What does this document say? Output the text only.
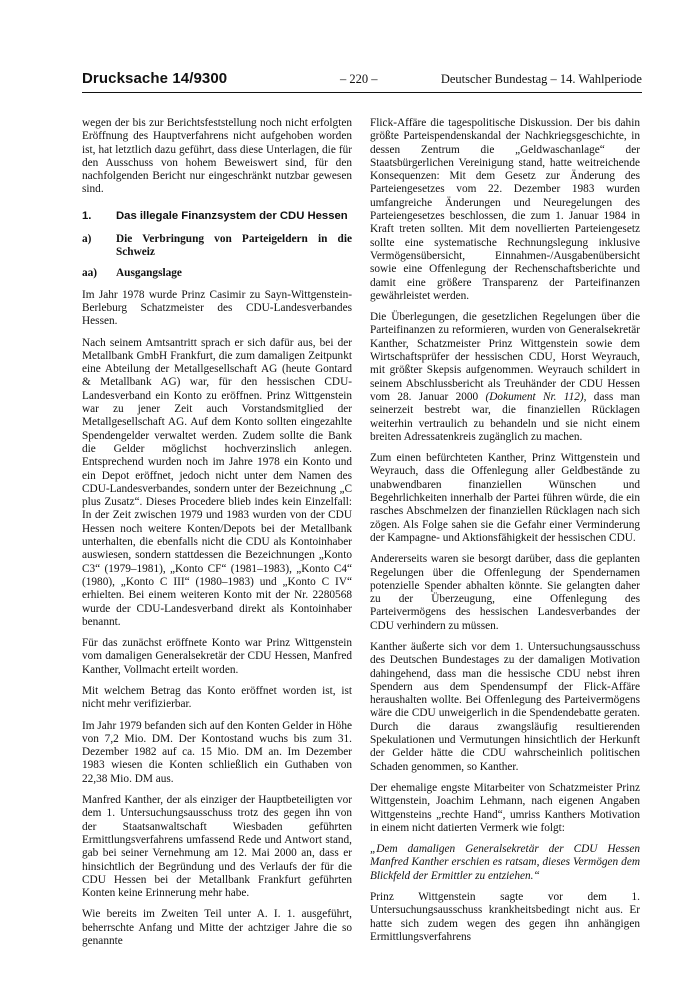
Drucksache 14/9300	– 220 –	Deutscher Bundestag – 14. Wahlperiode

wegen der bis zur Berichtsfeststellung noch nicht erfolgten Eröffnung des Hauptverfahrens nicht aufgehoben worden ist, hat letztlich dazu geführt, dass diese Unterlagen, die für den Ausschuss von hohem Beweiswert sind, für den nachfolgenden Bericht nur eingeschränkt nutzbar gewesen sind.

1.	Das illegale Finanzsystem der CDU Hessen
a)	Die Verbringung von Parteigeldern in die Schweiz
aa)	Ausgangslage

Im Jahr 1978 wurde Prinz Casimir zu Sayn-Wittgenstein-Berleburg Schatzmeister des CDU-Landesverbandes Hessen.

Nach seinem Amtsantritt sprach er sich dafür aus, bei der Metallbank GmbH Frankfurt, die zum damaligen Zeitpunkt eine Abteilung der Metallgesellschaft AG (heute Gontard & Metallbank AG) war, für den hessischen CDU-Landesverband ein Konto zu eröffnen. Prinz Wittgenstein war zu jener Zeit auch Vorstandsmitglied der Metallgesellschaft AG. Auf dem Konto sollten eingezahlte Spendengelder verwaltet werden. Zudem sollte die Bank die Gelder möglichst hochverzinslich anlegen. Entsprechend wurden noch im Jahre 1978 ein Konto und ein Depot eröffnet, jedoch nicht unter dem Namen des CDU-Landesverbandes, sondern unter der Bezeichnung „C plus Zusatz“. Dieses Procedere blieb indes kein Einzelfall: In der Zeit zwischen 1979 und 1983 wurden von der CDU Hessen noch weitere Konten/Depots bei der Metallbank unterhalten, die ebenfalls nicht die CDU als Kontoinhaber auswiesen, sondern stattdessen die Bezeichnungen „Konto C3“ (1979–1981), „Konto CF“ (1981–1983), „Konto C4“ (1980), „Konto C III“ (1980–1983) und „Konto C IV“ erhielten. Bei einem weiteren Konto mit der Nr. 2280568 wurde der CDU-Landesverband direkt als Kontoinhaber benannt.

Für das zunächst eröffnete Konto war Prinz Wittgenstein vom damaligen Generalsekretär der CDU Hessen, Manfred Kanther, Vollmacht erteilt worden.

Mit welchem Betrag das Konto eröffnet worden ist, ist nicht mehr verifizierbar.

Im Jahr 1979 befanden sich auf den Konten Gelder in Höhe von 7,2 Mio. DM. Der Kontostand wuchs bis zum 31. Dezember 1982 auf ca. 15 Mio. DM an. Im Dezember 1983 wiesen die Konten schließlich ein Guthaben von 22,38 Mio. DM aus.

Manfred Kanther, der als einziger der Hauptbeteiligten vor dem 1. Untersuchungsausschuss trotz des gegen ihn von der Staatsanwaltschaft Wiesbaden geführten Ermittlungsverfahrens umfassend Rede und Antwort stand, gab bei seiner Vernehmung am 12. Mai 2000 an, dass er hinsichtlich der Begründung und des Verlaufs der für die CDU Hessen bei der Metallbank Frankfurt geführten Konten keine Erinnerung mehr habe.

Wie bereits im Zweiten Teil unter A. I. 1. ausgeführt, beherrschte Anfang und Mitte der achtziger Jahre die so genannte

Flick-Affäre die tagespolitische Diskussion. Der bis dahin größte Parteispendenskandal der Nachkriegsgeschichte, in dessen Zentrum die „Geldwaschanlage“ der Staatsbürgerlichen Vereinigung stand, hatte weitreichende Konsequenzen: Mit dem Gesetz zur Änderung des Parteiengesetzes vom 22. Dezember 1983 wurden umfangreiche Änderungen und Neuregelungen des Parteiengesetzes beschlossen, die zum 1. Januar 1984 in Kraft treten sollten. Mit dem novellierten Parteiengesetz sollte eine systematische Rechnungslegung inklusive Vermögensübersicht, Einnahmen-/Ausgabenübersicht sowie eine Offenlegung der Rechenschaftsberichte und damit eine größere Transparenz der Parteifinanzen gewährleistet werden.

Die Überlegungen, die gesetzlichen Regelungen über die Parteifinanzen zu reformieren, wurden von Generalsekretär Kanther, Schatzmeister Prinz Wittgenstein sowie dem Wirtschaftsprüfer der hessischen CDU, Horst Weyrauch, mit größter Skepsis aufgenommen. Weyrauch schildert in seinem Abschlussbericht als Treuhänder der CDU Hessen vom 28. Januar 2000 (Dokument Nr. 112), dass man seinerzeit bestrebt war, die finanziellen Rücklagen weiterhin vertraulich zu behandeln und sie nicht einem breiten Adressatenkreis zugänglich zu machen.

Zum einen befürchteten Kanther, Prinz Wittgenstein und Weyrauch, dass die Offenlegung aller Geldbestände zu unabwendbaren finanziellen Wünschen und Begehrlichkeiten innerhalb der Partei führen würde, die ein rasches Abschmelzen der finanziellen Rücklagen nach sich zögen. Als Folge sahen sie die Gefahr einer Verminderung der Kampagne- und Aktionsfähigkeit der hessischen CDU.

Andererseits waren sie besorgt darüber, dass die geplanten Regelungen über die Offenlegung der Spendernamen potenzielle Spender abhalten könnte. Sie gelangten daher zu der Überzeugung, eine Offenlegung des Parteivermögens des hessischen Landesverbandes der CDU verhindern zu müssen.

Kanther äußerte sich vor dem 1. Untersuchungsausschuss des Deutschen Bundestages zu der damaligen Motivation dahingehend, dass man die hessische CDU nebst ihren Spendern aus dem Spendensumpf der Flick-Affäre heraushalten wollte. Bei Offenlegung des Parteivermögens wäre die CDU unweigerlich in die Spendendebatte geraten. Durch die daraus zwangsläufig resultierenden Spekulationen und Vermutungen hinsichtlich der Herkunft der Gelder hätte die CDU wahrscheinlich politischen Schaden genommen, so Kanther.

Der ehemalige engste Mitarbeiter von Schatzmeister Prinz Wittgenstein, Joachim Lehmann, nach eigenen Angaben Wittgensteins „rechte Hand“, umriss Kanthers Motivation in einem nicht datierten Vermerk wie folgt:

„Dem damaligen Generalsekretär der CDU Hessen Manfred Kanther erschien es ratsam, dieses Vermögen dem Blickfeld der Ermittler zu entziehen.“

Prinz Wittgenstein sagte vor dem 1. Untersuchungsausschuss krankheitsbedingt nicht aus. Er hatte sich zudem wegen des gegen ihn anhängigen Ermittlungsverfahrens
